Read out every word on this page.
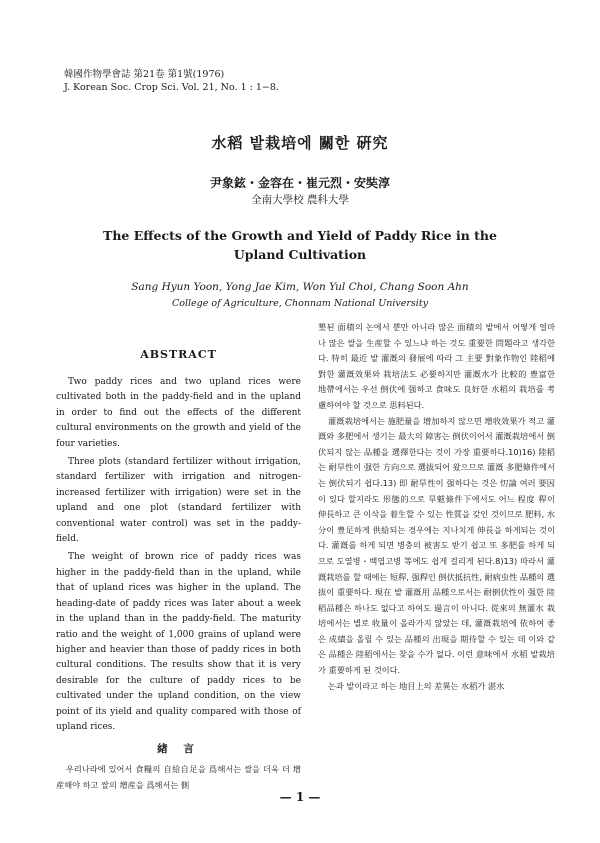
韓國作物學會誌 第21卷 第1號(1976)
J. Korean Soc. Crop Sci. Vol. 21, No. 1 : 1−8.
水稻 밭栽培에 關한 硏究
尹象鉉・金容在・崔元烈・安奘淳
全南大學校 農科大學
The Effects of the Growth and Yield of Paddy Rice in the Upland Cultivation
Sang Hyun Yoon, Yong Jae Kim, Won Yul Choi, Chang Soon Ahn
College of Agriculture, Chonnam National University
ABSTRACT

Two paddy rices and two upland rices were cultivated both in the paddy-field and in the upland in order to find out the effects of the different cultural environments on the growth and yield of the four varieties.

Three plots (standard fertilizer without irrigation, standard fertilizer with irrigation and nitrogen-increased fertilizer with irrigation) were set in the upland and one plot (standard fertilizer with conventional water control) was set in the paddy-field.

The weight of brown rice of paddy rices was higher in the paddy-field than in the upland, while that of upland rices was higher in the upland. The heading-date of paddy rices was later about a week in the upland than in the paddy-field. The maturity ratio and the weight of 1,000 grains of upland were higher and heavier than those of paddy rices in both cultural conditions. The results show that it is very desirable for the culture of paddy rices to be cultivated under the upland condition, on the view point of its yield and quality compared with those of upland rices.

緖 言

우리나라에 있어서 食糧의 自給自足을 爲해서는 쌀을 더욱 더 增産해야 하고 쌀의 增産을 爲해서는 側

墾된 面積의 논에서 뿐만 아니라 많은 面積의 밭에서 어떻게 얼마나 많은 쌀을 生産할 수 있느냐 하는 것도 重要한 問題라고 생각한다. 特히 最近 밭 灌漑의 發展에 따라 그 主要 對象作物인 陸稻에 對한 灌漑效果와 栽培法도 必要하지만 灌漑水가 比較的 豊富한 地帶에서는 우선 倒伏에 强하고 食味도 良好한 水稻의 栽培를 考慮하여야 할 것으로 思料된다.

灌漑栽培에서는 施肥量을 增加하지 않으면 增收效果가 적고 灌漑와 多肥에서 생기는 最大의 障害는 倒伏이어서 灌漑栽培에서 倒伏되지 않는 品種을 選擇한다는 것이 가장 重要하다.10)16) 陸稻는 耐旱性이 强한 方向으로 選拔되어 왔으므로 灌漑 多肥條件에서는 倒伏되기 쉽다.13) 即 耐旱性이 强하다는 것은 忉論 여러 要因이 있다 할지라도 形態的으로 旱魃條件下에서도 어느 程度 稈이 伸長하고 큰 이삭을 着生할 수 있는 性質을 갖인 것이므로 肥料, 水分이 豊足하게 供給되는 경우에는 지나치게 伸長을 하게되는 것이다. 灌漑를 하게 되면 병충의 被害도 받기 쉽고 또 多肥를 하게 되므로 도열병・백엽고병 等에도 쉽게 걸리게 된다.8)13) 따라서 灌漑栽培를 할 때에는 短稈, 强稈인 倒伏抵抗性, 耐病虫性 品種의 選拔이 重要하다. 現在 밭 灌漑用 品種으로서는 耐倒伏性이 强한 陸稻品種은 하나도 없다고 하여도 過言이 아니다. 從來의 無灌水 栽培에서는 별로 收量이 올라가지 않았는 데, 灌漑栽培에 依하여 좋은 成績을 올릴 수 있는 品種의 出現을 期待할 수 있는 데 이와 같은 品種은 陸稻에서는 찾을 수가 없다. 이런 意味에서 水稻 밭栽培가 重要하게 된 것이다.

논과 밭이라고 하는 地目上의 差異는 水稻가 湛水

— 1 —
